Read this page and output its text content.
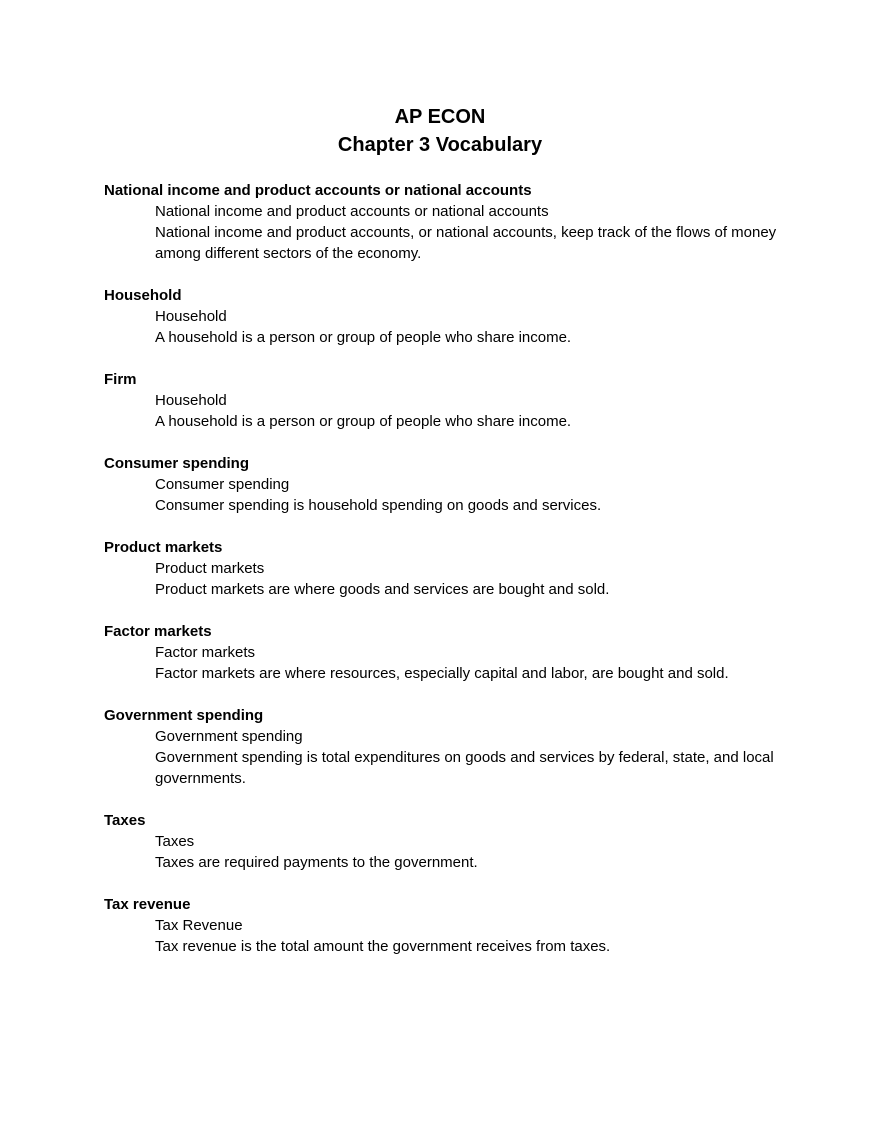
AP ECON
Chapter 3 Vocabulary
National income and product accounts or national accounts
National income and product accounts or national accounts
National income and product accounts, or national accounts, keep track of the flows of money among different sectors of the economy.
Household
Household
A household is a person or group of people who share income.
Firm
Household
A household is a person or group of people who share income.
Consumer spending
Consumer spending
Consumer spending is household spending on goods and services.
Product markets
Product markets
Product markets are where goods and services are bought and sold.
Factor markets
Factor markets
Factor markets are where resources, especially capital and labor, are bought and sold.
Government spending
Government spending
Government spending is total expenditures on goods and services by federal, state, and local governments.
Taxes
Taxes
Taxes are required payments to the government.
Tax revenue
Tax Revenue
Tax revenue is the total amount the government receives from taxes.
